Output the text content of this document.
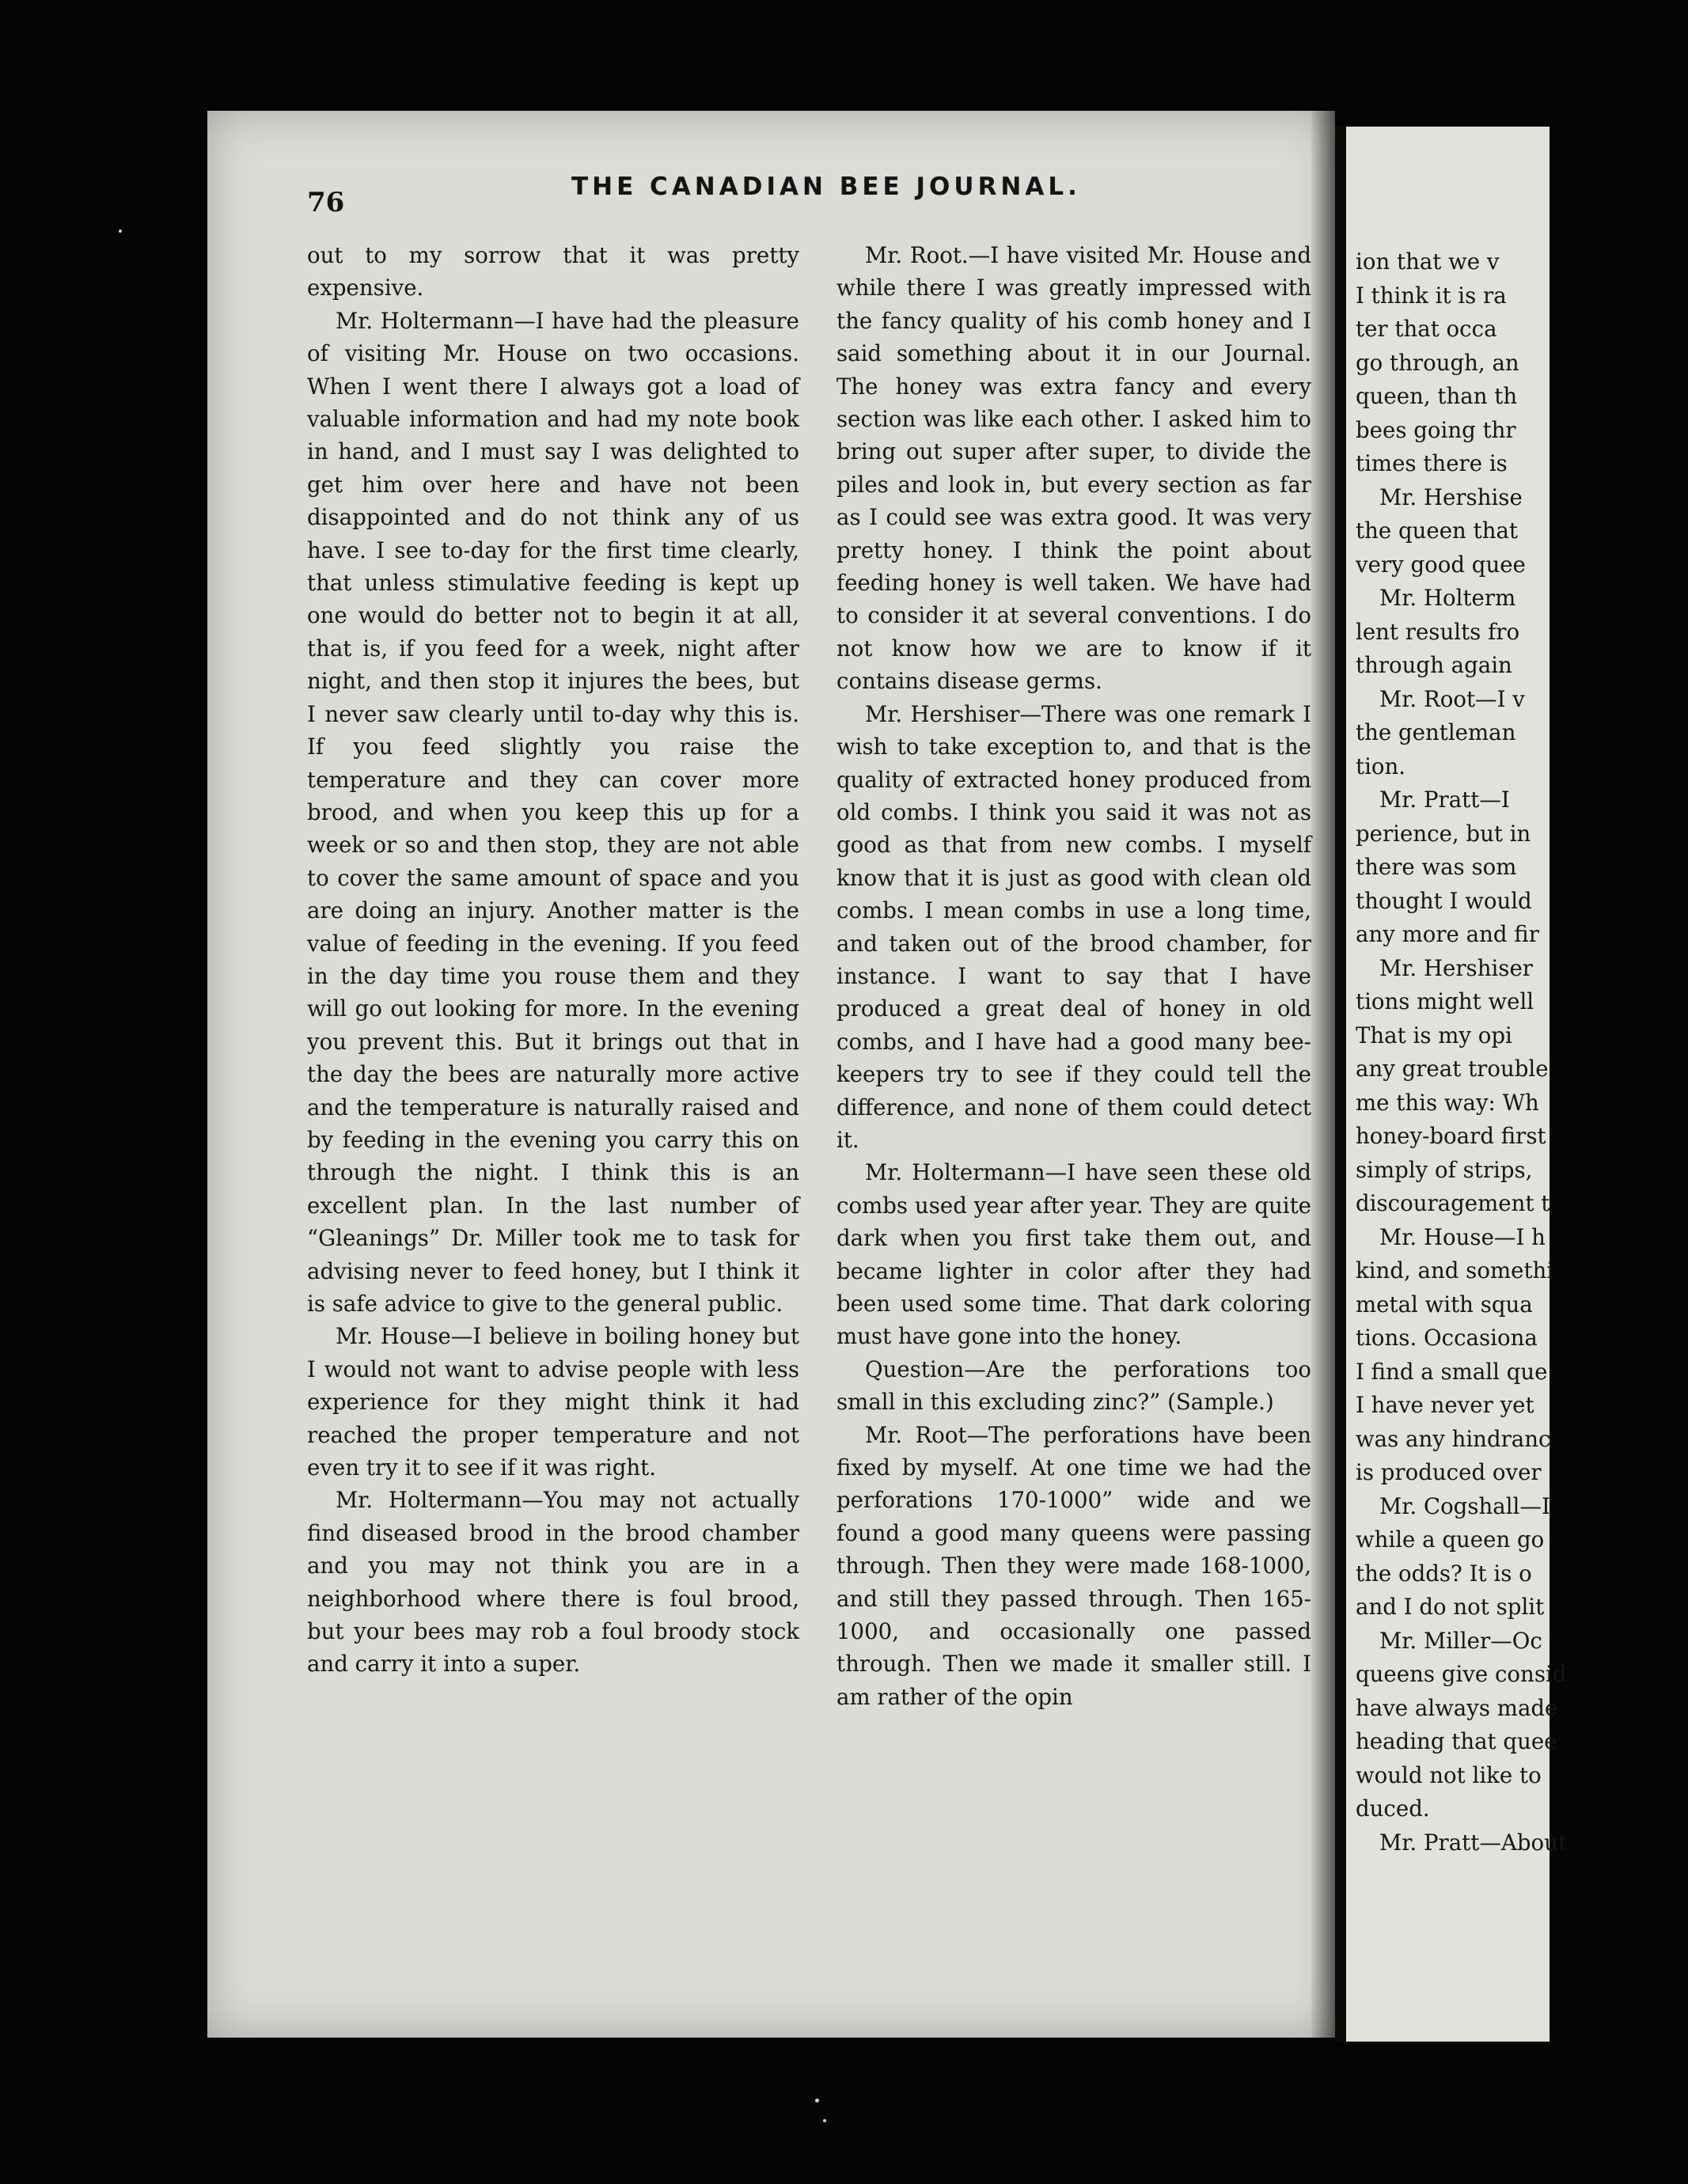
76	THE CANADIAN BEE JOURNAL.

out to my sorrow that it was pretty expensive.

Mr. Holtermann—I have had the pleasure of visiting Mr. House on two occasions. When I went there I always got a load of valuable information and had my note book in hand, and I must say I was delighted to get him over here and have not been disappointed and do not think any of us have. I see to-day for the first time clearly, that unless stimulative feeding is kept up one would do better not to begin it at all, that is, if you feed for a week, night after night, and then stop it injures the bees, but I never saw clearly until to-day why this is. If you feed slightly you raise the temperature and they can cover more brood, and when you keep this up for a week or so and then stop, they are not able to cover the same amount of space and you are doing an injury. Another matter is the value of feeding in the evening. If you feed in the day time you rouse them and they will go out looking for more. In the evening you prevent this. But it brings out that in the day the bees are naturally more active and the temperature is naturally raised and by feeding in the evening you carry this on through the night. I think this is an excellent plan. In the last number of “Gleanings” Dr. Miller took me to task for advising never to feed honey, but I think it is safe advice to give to the general public.

Mr. House—I believe in boiling honey but I would not want to advise people with less experience for they might think it had reached the proper temperature and not even try it to see if it was right.

Mr. Holtermann—You may not actually find diseased brood in the brood chamber and you may not think you are in a neighborhood where there is foul brood, but your bees may rob a foul broody stock and carry it into a super.

Mr. Root.—I have visited Mr. House and while there I was greatly impressed with the fancy quality of his comb honey and I said something about it in our Journal. The honey was extra fancy and every section was like each other. I asked him to bring out super after super, to divide the piles and look in, but every section as far as I could see was extra good. It was very pretty honey. I think the point about feeding honey is well taken. We have had to consider it at several conventions. I do not know how we are to know if it contains disease germs.

Mr. Hershiser—There was one remark I wish to take exception to, and that is the quality of extracted honey produced from old combs. I think you said it was not as good as that from new combs. I myself know that it is just as good with clean old combs. I mean combs in use a long time, and taken out of the brood chamber, for instance. I want to say that I have produced a great deal of honey in old combs, and I have had a good many bee-keepers try to see if they could tell the difference, and none of them could detect it.

Mr. Holtermann—I have seen these old combs used year after year. They are quite dark when you first take them out, and became lighter in color after they had been used some time. That dark coloring must have gone into the honey.

Question—Are the perforations too small in this excluding zinc?” (Sample.)

Mr. Root—The perforations have been fixed by myself. At one time we had the perforations 170-1000” wide and we found a good many queens were passing through. Then they were made 168-1000, and still they passed through. Then 165-1000, and occasionally one passed through. Then we made it smaller still. I am rather of the opin

ion that we v
I think it is ra
ter that occa
go through, an
queen, than th
bees going thr
times there is
Mr. Hershise
the queen that
very good quee
Mr. Holterm
lent results fro
through again
Mr. Root—I v
the gentleman
tion.
Mr. Pratt—I
perience, but in
there was som
thought I would
any more and fir
Mr. Hershiser
tions might well
That is my opi
any great trouble
me this way: Wh
honey-board first
simply of strips,
discouragement t
Mr. House—I h
kind, and somethi
metal with squa
tions. Occasiona
I find a small que
I have never yet
was any hindranc
is produced over
Mr. Cogshall—I
while a queen go
the odds? It is o
and I do not split
Mr. Miller—Oc
queens give consid
have always made
heading that quee
would not like to
duced.
Mr. Pratt—About
